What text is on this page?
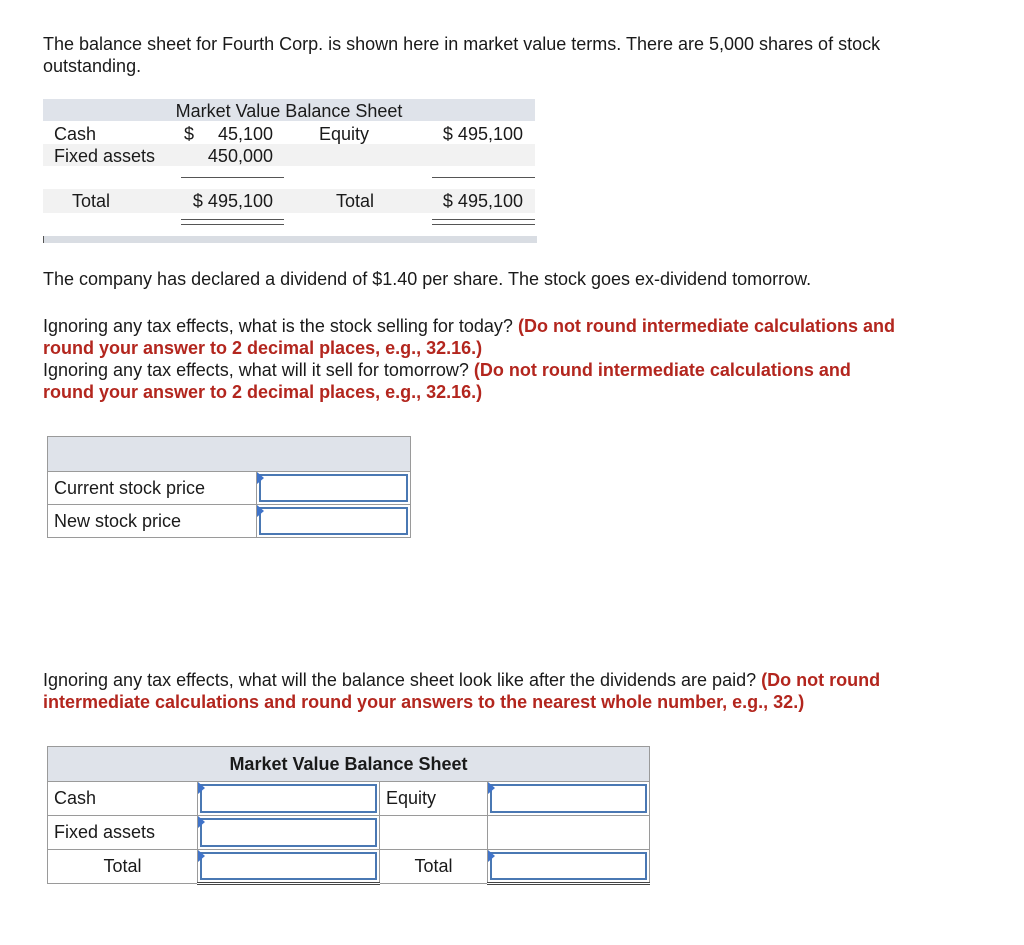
The balance sheet for Fourth Corp. is shown here in market value terms. There are 5,000 shares of stock
outstanding.
Market Value Balance Sheet
Cash	$	45,100	Equity	$ 495,100
Fixed assets	450,000
Total	$ 495,100	Total	$ 495,100
The company has declared a dividend of $1.40 per share. The stock goes ex-dividend tomorrow.
Ignoring any tax effects, what is the stock selling for today? (Do not round intermediate calculations and
round your answer to 2 decimal places, e.g., 32.16.)
Ignoring any tax effects, what will it sell for tomorrow? (Do not round intermediate calculations and
round your answer to 2 decimal places, e.g., 32.16.)

Current stock price	

New stock price	
Ignoring any tax effects, what will the balance sheet look like after the dividends are paid? (Do not round
intermediate calculations and round your answers to the nearest whole number, e.g., 32.)
Market Value Balance Sheet			
Cash		Equity	

Fixed assets	

Total		Total	
